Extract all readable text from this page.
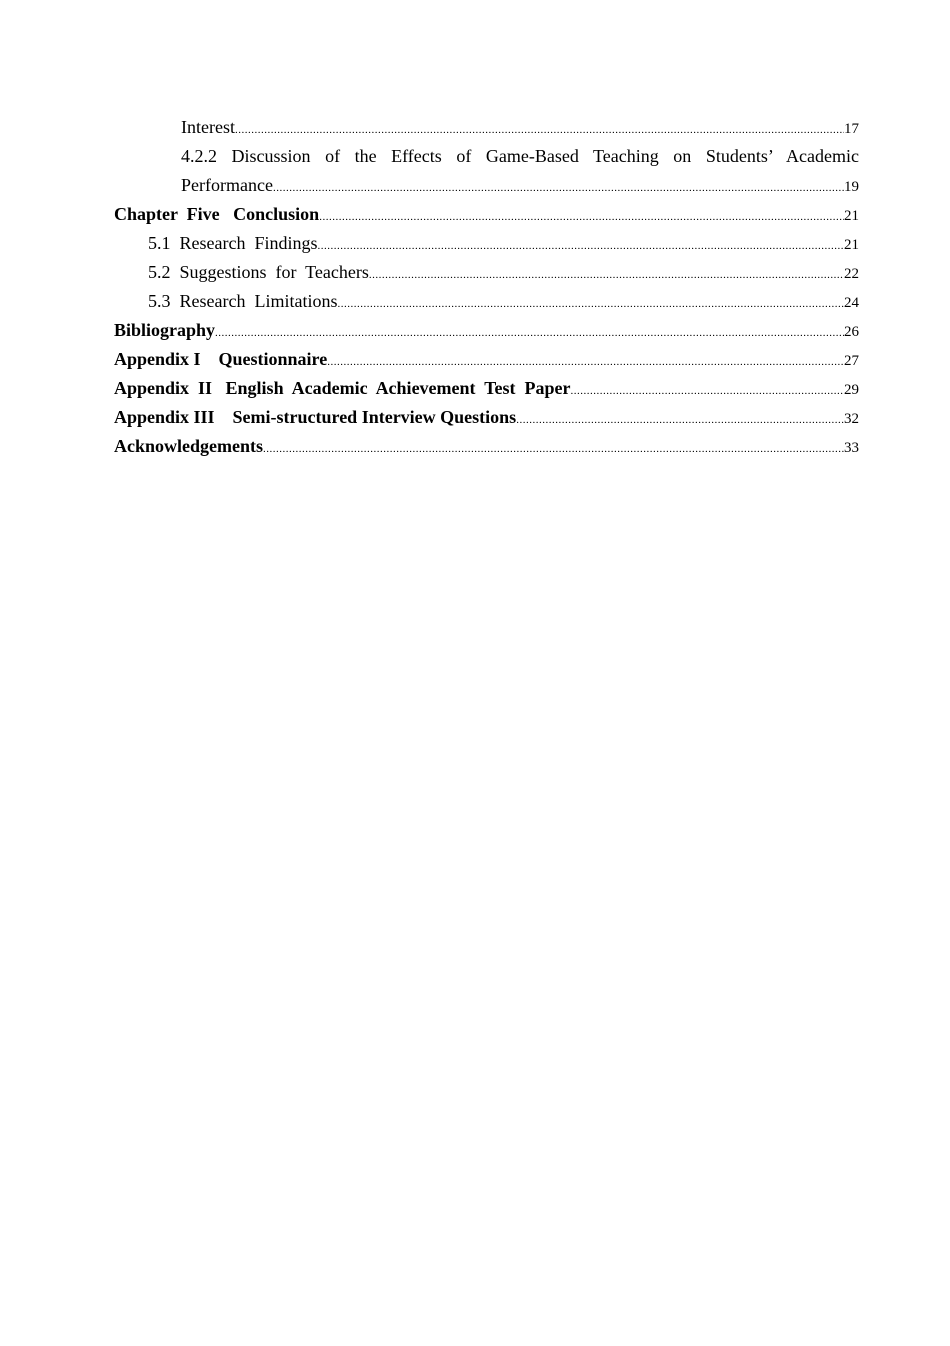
Interest .....	17
4.2.2 Discussion of the Effects of Game-Based Teaching on Students’ Academic
Performance .....	19
Chapter  Five   Conclusion .....	21
5.1  Research  Findings .....	21
5.2  Suggestions  for  Teachers .....	22
5.3  Research  Limitations .....	24
Bibliography .....	26
Appendix I    Questionnaire .....	27
Appendix  II   English  Academic  Achievement  Test  Paper .....	29
Appendix III    Semi-structured Interview Questions .....	32
Acknowledgements .....	33
